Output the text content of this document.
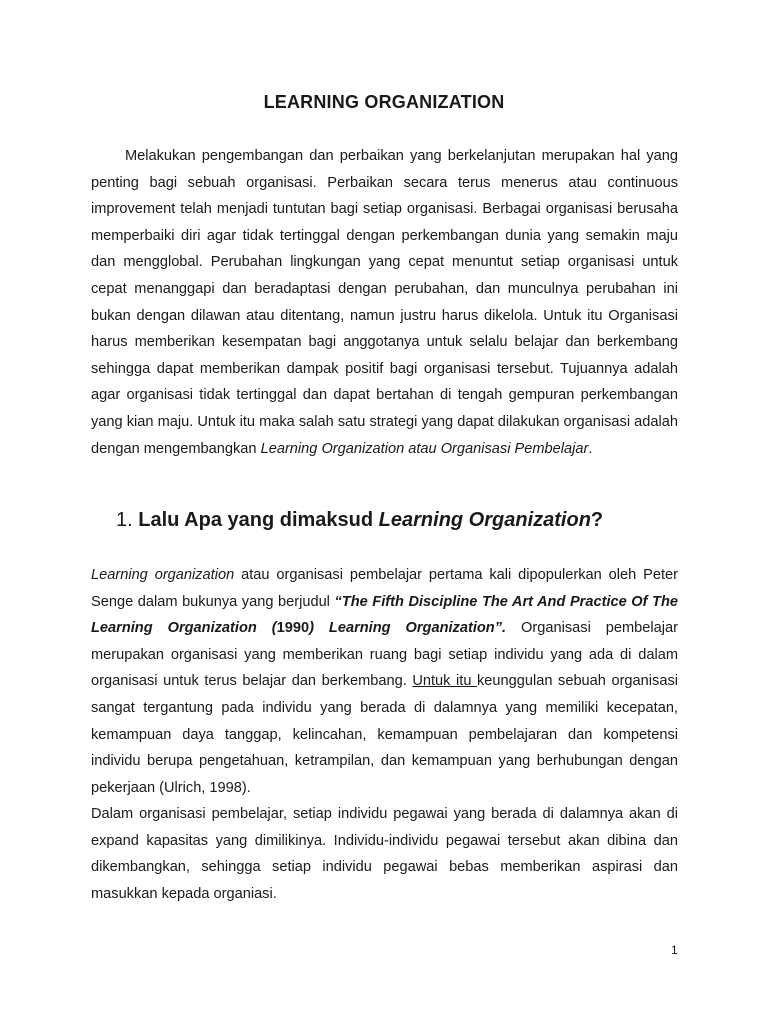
LEARNING ORGANIZATION

Melakukan pengembangan dan perbaikan yang berkelanjutan merupakan hal yang penting bagi sebuah organisasi. Perbaikan secara terus menerus atau continuous improvement telah menjadi tuntutan bagi setiap organisasi. Berbagai organisasi berusaha memperbaiki diri agar tidak tertinggal dengan perkembangan dunia yang semakin maju dan mengglobal. Perubahan lingkungan yang cepat menuntut setiap organisasi untuk cepat menanggapi dan beradaptasi dengan perubahan, dan munculnya perubahan ini bukan dengan dilawan atau ditentang, namun justru harus dikelola. Untuk itu Organisasi harus memberikan kesempatan bagi anggotanya untuk selalu belajar dan berkembang sehingga dapat memberikan dampak positif bagi organisasi tersebut. Tujuannya adalah agar organisasi tidak tertinggal dan dapat bertahan di tengah gempuran perkembangan yang kian maju. Untuk itu maka salah satu strategi yang dapat dilakukan organisasi adalah dengan mengembangkan Learning Organization atau Organisasi Pembelajar.

1. Lalu Apa yang dimaksud Learning Organization?

Learning organization atau organisasi pembelajar pertama kali dipopulerkan oleh Peter Senge dalam bukunya yang berjudul “The Fifth Discipline The Art And Practice Of The Learning Organization (1990) Learning Organization”. Organisasi pembelajar merupakan organisasi yang memberikan ruang bagi setiap individu yang ada di dalam organisasi untuk terus belajar dan berkembang. Untuk itu keunggulan sebuah organisasi sangat tergantung pada individu yang berada di dalamnya yang memiliki kecepatan, kemampuan daya tanggap, kelincahan, kemampuan pembelajaran dan kompetensi individu berupa pengetahuan, ketrampilan, dan kemampuan yang berhubungan dengan pekerjaan (Ulrich, 1998).

Dalam organisasi pembelajar, setiap individu pegawai yang berada di dalamnya akan di expand kapasitas yang dimilikinya. Individu-individu pegawai tersebut akan dibina dan dikembangkan, sehingga setiap individu pegawai bebas memberikan aspirasi dan masukkan kepada organiasi.

1
